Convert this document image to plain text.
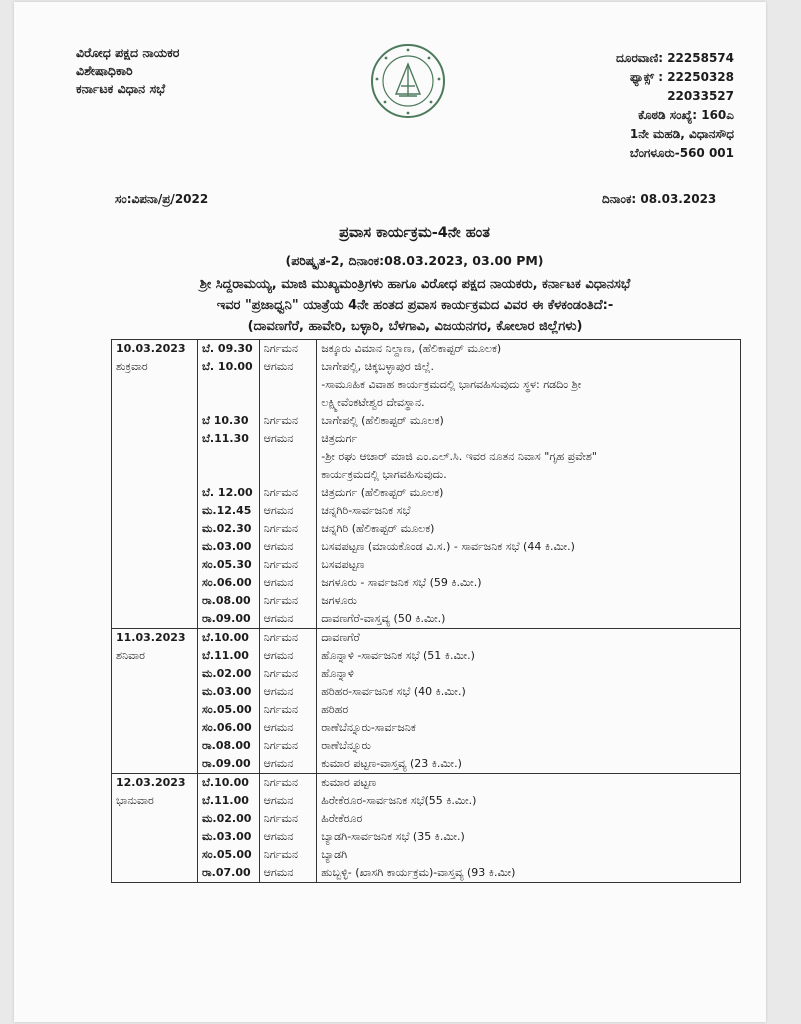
ವಿರೋಧ ಪಕ್ಷದ ನಾಯಕರ
ವಿಶೇಷಾಧಿಕಾರಿ
ಕರ್ನಾಟಕ ವಿಧಾನ ಸಭೆ
ದೂರವಾಣಿ: 22258574
ಫ್ಯಾಕ್ಸ್ : 22250328
22033527
ಕೊಠಡಿ ಸಂಖ್ಯೆ: 160ಎ
1ನೇ ಮಹಡಿ, ವಿಧಾನಸೌಧ
ಬೆಂಗಳೂರು-560 001
ಸಂ:ವಿಪನಾ/ಪ್ರ/2022	ದಿನಾಂಕ: 08.03.2023
ಪ್ರವಾಸ ಕಾರ್ಯಕ್ರಮ-4ನೇ ಹಂತ
(ಪರಿಷ್ಕೃತ-2, ದಿನಾಂಕ:08.03.2023, 03.00 PM)
ಶ್ರೀ ಸಿದ್ದರಾಮಯ್ಯ, ಮಾಜಿ ಮುಖ್ಯಮಂತ್ರಿಗಳು ಹಾಗೂ ವಿರೋಧ ಪಕ್ಷದ ನಾಯಕರು, ಕರ್ನಾಟಕ ವಿಧಾನಸಭೆ
ಇವರ "ಪ್ರಜಾಧ್ವನಿ" ಯಾತ್ರೆಯ 4ನೇ ಹಂತದ ಪ್ರವಾಸ ಕಾರ್ಯಕ್ರಮದ ವಿವರ ಈ ಕೆಳಕಂಡಂತಿದೆ:-
(ದಾವಣಗೆರೆ, ಹಾವೇರಿ, ಬಳ್ಳಾರಿ, ಬೆಳಗಾವಿ, ವಿಜಯನಗರ, ಕೋಲಾರ ಜಿಲ್ಲೆಗಳು)
10.03.2023	ಬೆ. 09.30	ನಿರ್ಗಮನ	ಜಕ್ಕೂರು ವಿಮಾನ ನಿಲ್ದಾಣ, (ಹೆಲಿಕಾಪ್ಟರ್ ಮೂಲಕ)
ಶುಕ್ರವಾರ	ಬೆ. 10.00	ಆಗಮನ	ಬಾಗೇಪಲ್ಲಿ, ಚಿಕ್ಕಬಳ್ಳಾಪುರ ಜಿಲ್ಲೆ.
			-ಸಾಮೂಹಿಕ ವಿವಾಹ ಕಾರ್ಯಕ್ರಮದಲ್ಲಿ ಭಾಗವಹಿಸುವುದು ಸ್ಥಳ: ಗಡದಿಂ ಶ್ರೀ
			ಲಕ್ಷ್ಮೀವೆಂಕಟೇಶ್ವರ ದೇವಸ್ಥಾನ.
	ಬೆ 10.30	ನಿರ್ಗಮನ	ಬಾಗೇಪಲ್ಲಿ (ಹೆಲಿಕಾಪ್ಟರ್ ಮೂಲಕ)
	ಬೆ.11.30	ಆಗಮನ	ಚಿತ್ರದುರ್ಗ
			-ಶ್ರೀ ರಘು ಆಚಾರ್ ಮಾಜಿ ಎಂ.ಎಲ್.ಸಿ. ಇವರ ನೂತನ ನಿವಾಸ "ಗೃಹ ಪ್ರವೇಶ"
			ಕಾರ್ಯಕ್ರಮದಲ್ಲಿ ಭಾಗವಹಿಸುವುದು.
	ಬೆ. 12.00	ನಿರ್ಗಮನ	ಚಿತ್ರದುರ್ಗ (ಹೆಲಿಕಾಪ್ಟರ್ ಮೂಲಕ)
	ಮ.12.45	ಆಗಮನ	ಚನ್ನಗಿರಿ-ಸಾರ್ವಜನಿಕ ಸಭೆ
	ಮ.02.30	ನಿರ್ಗಮನ	ಚನ್ನಗಿರಿ (ಹೆಲಿಕಾಪ್ಟರ್ ಮೂಲಕ)
	ಮ.03.00	ಆಗಮನ	ಬಸವಪಟ್ಟಣ (ಮಾಯಕೊಂಡ ವಿ.ಸ.) - ಸಾರ್ವಜನಿಕ ಸಭೆ (44 ಕಿ.ಮೀ.)
	ಸಂ.05.30	ನಿರ್ಗಮನ	ಬಸವಪಟ್ಟಣ
	ಸಂ.06.00	ಆಗಮನ	ಜಗಳೂರು - ಸಾರ್ವಜನಿಕ ಸಭೆ (59 ಕಿ.ಮೀ.)
	ರಾ.08.00	ನಿರ್ಗಮನ	ಜಗಳೂರು
	ರಾ.09.00	ಆಗಮನ	ದಾವಣಗೆರೆ-ವಾಸ್ತವ್ಯ (50 ಕಿ.ಮೀ.)
11.03.2023	ಬೆ.10.00	ನಿರ್ಗಮನ	ದಾವಣಗೆರೆ
ಶನಿವಾರ	ಬೆ.11.00	ಆಗಮನ	ಹೊನ್ನಾಳಿ -ಸಾರ್ವಜನಿಕ ಸಭೆ (51 ಕಿ.ಮೀ.)
	ಮ.02.00	ನಿರ್ಗಮನ	ಹೊನ್ನಾಳಿ
	ಮ.03.00	ಆಗಮನ	ಹರಿಹರ-ಸಾರ್ವಜನಿಕ ಸಭೆ (40 ಕಿ.ಮೀ.)
	ಸಂ.05.00	ನಿರ್ಗಮನ	ಹರಿಹರ
	ಸಂ.06.00	ಆಗಮನ	ರಾಣೆಬೆನ್ನೂರು-ಸಾರ್ವಜನಿಕ
	ರಾ.08.00	ನಿರ್ಗಮನ	ರಾಣೆಬೆನ್ನೂರು
	ರಾ.09.00	ಆಗಮನ	ಕುಮಾರ ಪಟ್ಟಣ-ವಾಸ್ತವ್ಯ (23 ಕಿ.ಮೀ.)
12.03.2023	ಬೆ.10.00	ನಿರ್ಗಮನ	ಕುಮಾರ ಪಟ್ಟಣ
ಭಾನುವಾರ	ಬೆ.11.00	ಆಗಮನ	ಹಿರೇಕೆರೂರ-ಸಾರ್ವಜನಿಕ ಸಭೆ(55 ಕಿ.ಮೀ.)
	ಮ.02.00	ನಿರ್ಗಮನ	ಹಿರೇಕೆರೂರ
	ಮ.03.00	ಆಗಮನ	ಬ್ಯಾಡಗಿ-ಸಾರ್ವಜನಿಕ ಸಭೆ (35 ಕಿ.ಮೀ.)
	ಸಂ.05.00	ನಿರ್ಗಮನ	ಬ್ಯಾಡಗಿ
	ರಾ.07.00	ಆಗಮನ	ಹುಬ್ಬಳ್ಳಿ- (ಖಾಸಗಿ ಕಾರ್ಯಕ್ರಮ)-ವಾಸ್ತವ್ಯ (93 ಕಿ.ಮೀ)
